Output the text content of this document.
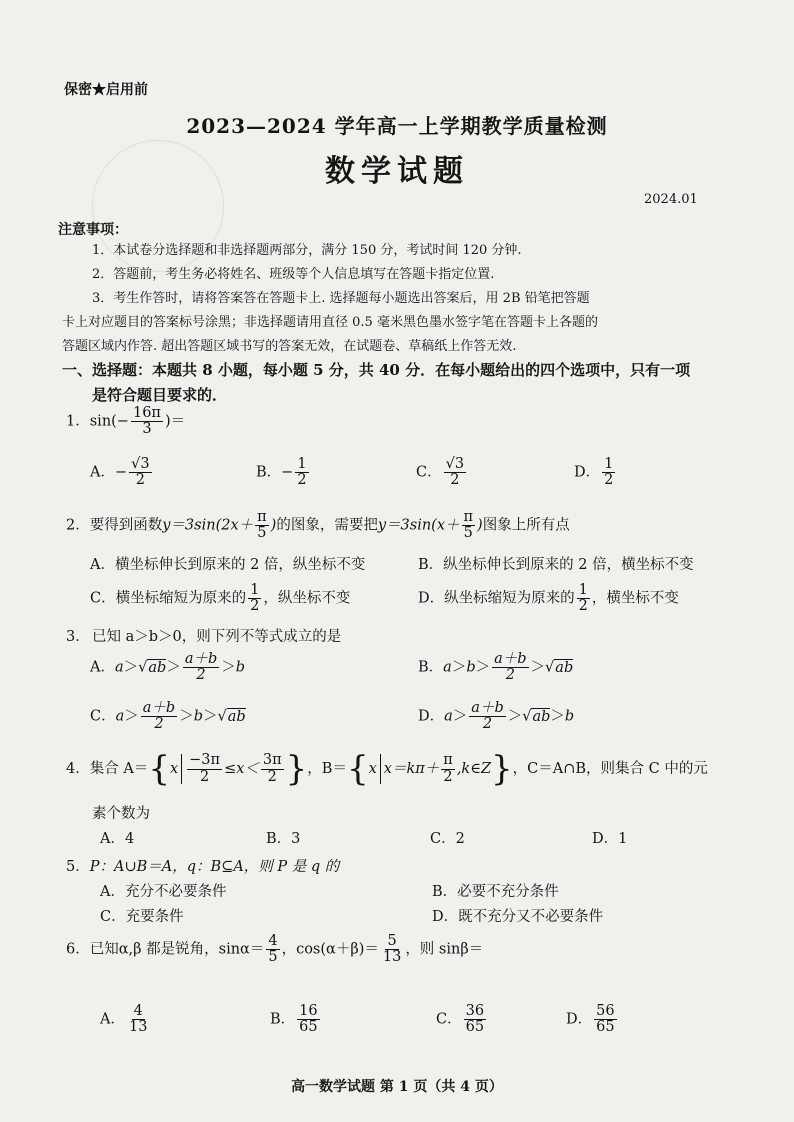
保密★启用前
2023—2024 学年高一上学期教学质量检测
数学试题
2024.01
注意事项：
1．本试卷分选择题和非选择题两部分，满分 150 分，考试时间 120 分钟.
2．答题前，考生务必将姓名、班级等个人信息填写在答题卡指定位置.
3．考生作答时，请将答案答在答题卡上. 选择题每小题选出答案后，用 2B 铅笔把答题
卡上对应题目的答案标号涂黑；非选择题请用直径 0.5 毫米黑色墨水签字笔在答题卡上各题的
答题区域内作答. 超出答题区域书写的答案无效，在试题卷、草稿纸上作答无效.
一、选择题：本题共 8 小题，每小题 5 分，共 40 分．在每小题给出的四个选项中，只有一项
是符合题目要求的．
1．$\sin(- \frac{16\pi}{3}$ )＝
A．− $\frac{√3}{2}$	B．− $\frac{1}{2}$	C． $\frac{√3}{2}$	D． $\frac{1}{2}$
2．要得到函数$y=3\sin(2x+ \frac{\pi}{5}$ )的图象，需要把$y=3\sin(x+ \frac{\pi}{5}$ )图象上所有点
A．横坐标伸长到原来的 2 倍，纵坐标不变	B．纵坐标伸长到原来的 2 倍，横坐标不变
C．横坐标缩短为原来的 $\frac{1}{2}$ ，纵坐标不变	D．纵坐标缩短为原来的 $\frac{1}{2}$ ，横坐标不变
已知 a＞b＞0，则下列不等式成立的是
3．
A．$a>√ab> \frac{a+b}{2} >b$	B．$a>b> \frac{a+b}{2} >√ab$
C．$a> \frac{a+b}{2} >b>√ab$	D．$a> \frac{a+b}{2} >√ab>b$
4．集合 $A=\{x \frac{-3\pi}{2} \le x< \frac{3\pi}{2}$ }，B＝{x $x=k\pi+ \frac{\pi}{2}$ ,k∈Z}，C＝A∩B，则集合 C 中的元
素个数为
A．4	B．3	C．2	D．1
5．P：A∪B＝A，q：B⊆A，则 P 是 q 的
A．充分不必要条件	B．必要不充分条件
C．充要条件	D．既不充分又不必要条件
6．已知α,β 都是锐角，$\sin\alpha= \frac{4}{5}$ ，$\cos(\alpha+\beta)= \frac{5}{13}$ ，则 sinβ＝
A． $\frac{4}{13}$	B． $\frac{16}{65}$	C． $\frac{36}{65}$	D． $\frac{56}{65}$
高一数学试题 第 1 页（共 4 页）
